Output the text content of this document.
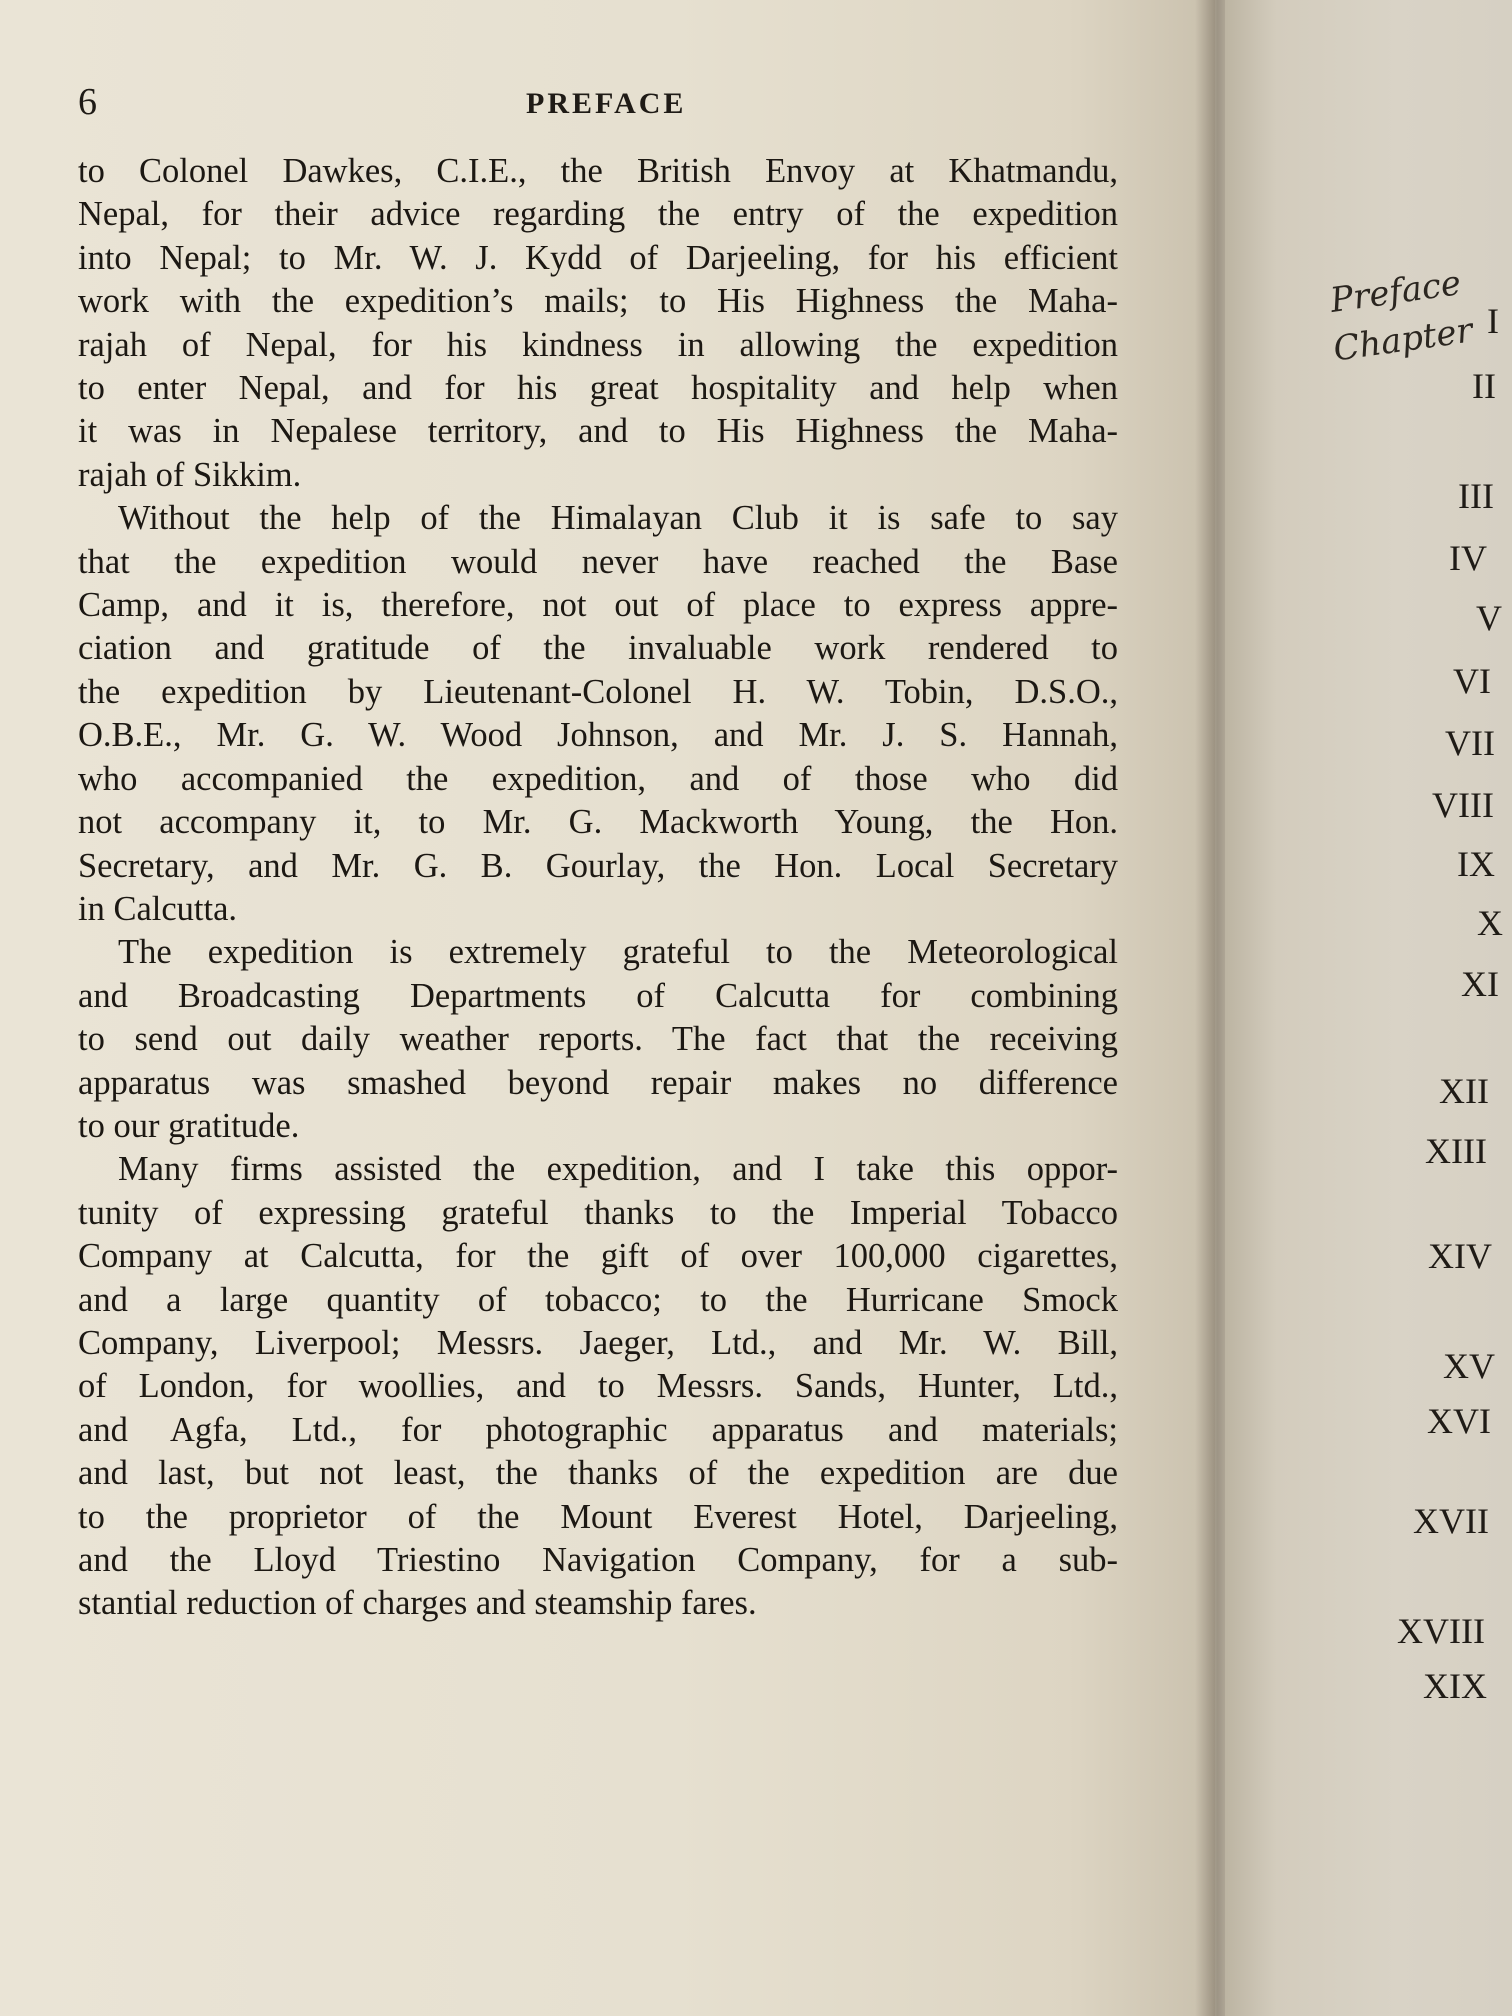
6	PREFACE
to Colonel Dawkes, C.I.E., the British Envoy at Khatmandu,
Nepal, for their advice regarding the entry of the expedition
into Nepal; to Mr. W. J. Kydd of Darjeeling, for his efficient
work with the expedition’s mails; to His Highness the Maha-
rajah of Nepal, for his kindness in allowing the expedition
to enter Nepal, and for his great hospitality and help when
it was in Nepalese territory, and to His Highness the Maha-
rajah of Sikkim.
Without the help of the Himalayan Club it is safe to say
that the expedition would never have reached the Base
Camp, and it is, therefore, not out of place to express appre-
ciation and gratitude of the invaluable work rendered to
the expedition by Lieutenant-Colonel H. W. Tobin, D.S.O.,
O.B.E., Mr. G. W. Wood Johnson, and Mr. J. S. Hannah,
who accompanied the expedition, and of those who did
not accompany it, to Mr. G. Mackworth Young, the Hon.
Secretary, and Mr. G. B. Gourlay, the Hon. Local Secretary
in Calcutta.
The expedition is extremely grateful to the Meteorological
and Broadcasting Departments of Calcutta for combining
to send out daily weather reports. The fact that the receiving
apparatus was smashed beyond repair makes no difference
to our gratitude.
Many firms assisted the expedition, and I take this oppor-
tunity of expressing grateful thanks to the Imperial Tobacco
Company at Calcutta, for the gift of over 100,000 cigarettes,
and a large quantity of tobacco; to the Hurricane Smock
Company, Liverpool; Messrs. Jaeger, Ltd., and Mr. W. Bill,
of London, for woollies, and to Messrs. Sands, Hunter, Ltd.,
and Agfa, Ltd., for photographic apparatus and materials;
and last, but not least, the thanks of the expedition are due
to the proprietor of the Mount Everest Hotel, Darjeeling,
and the Lloyd Triestino Navigation Company, for a sub-
stantial reduction of charges and steamship fares.
Preface
Chapter I
II
III
IV
V
VI
VII
VIII
IX
X
XI
XII
XIII
XIV
XV
XVI
XVII
XVIII
XIX
